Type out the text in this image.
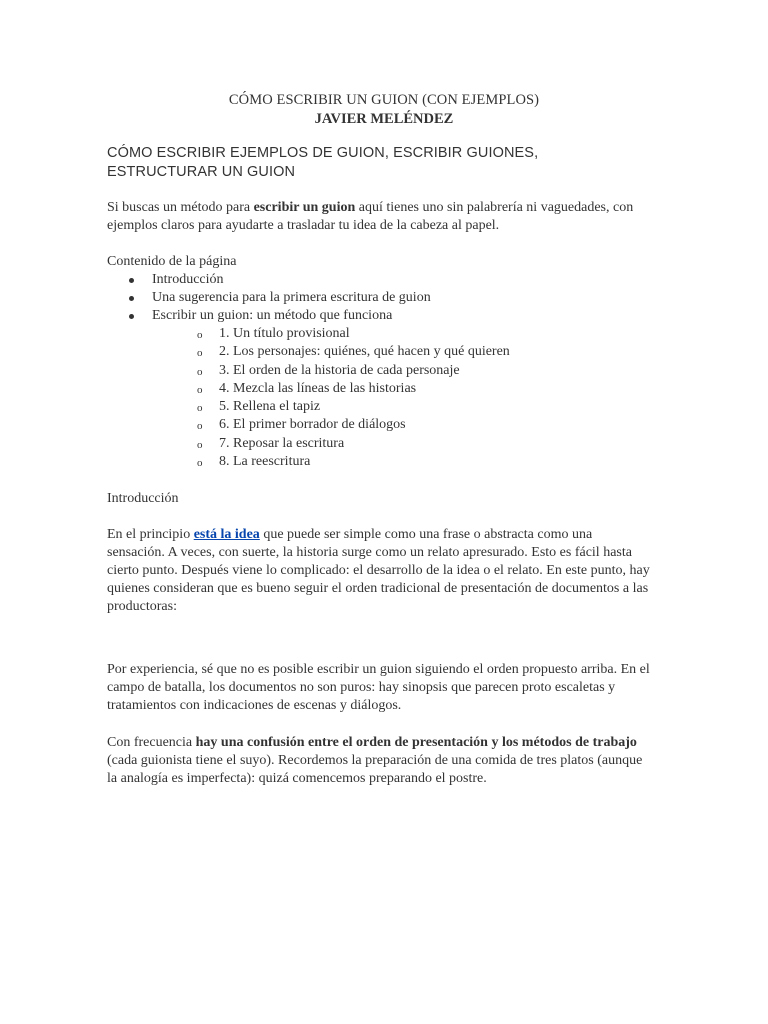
CÓMO ESCRIBIR UN GUION (CON EJEMPLOS)
JAVIER MELÉNDEZ
CÓMO ESCRIBIR EJEMPLOS DE GUION, ESCRIBIR GUIONES, ESTRUCTURAR UN GUION
Si buscas un método para escribir un guion aquí tienes uno sin palabrería ni vaguedades, con ejemplos claros para ayudarte a trasladar tu idea de la cabeza al papel.
Contenido de la página
Introducción
Una sugerencia para la primera escritura de guion
Escribir un guion: un método que funciona
o 1. Un título provisional
o 2. Los personajes: quiénes, qué hacen y qué quieren
o 3. El orden de la historia de cada personaje
o 4. Mezcla las líneas de las historias
o 5. Rellena el tapiz
o 6. El primer borrador de diálogos
o 7. Reposar la escritura
o 8. La reescritura
Introducción
En el principio está la idea que puede ser simple como una frase o abstracta como una sensación. A veces, con suerte, la historia surge como un relato apresurado. Esto es fácil hasta cierto punto. Después viene lo complicado: el desarrollo de la idea o el relato. En este punto, hay quienes consideran que es bueno seguir el orden tradicional de presentación de documentos a las productoras:
Por experiencia, sé que no es posible escribir un guion siguiendo el orden propuesto arriba. En el campo de batalla, los documentos no son puros: hay sinopsis que parecen proto escaletas y tratamientos con indicaciones de escenas y diálogos.
Con frecuencia hay una confusión entre el orden de presentación y los métodos de trabajo (cada guionista tiene el suyo). Recordemos la preparación de una comida de tres platos (aunque la analogía es imperfecta): quizá comencemos preparando el postre.
